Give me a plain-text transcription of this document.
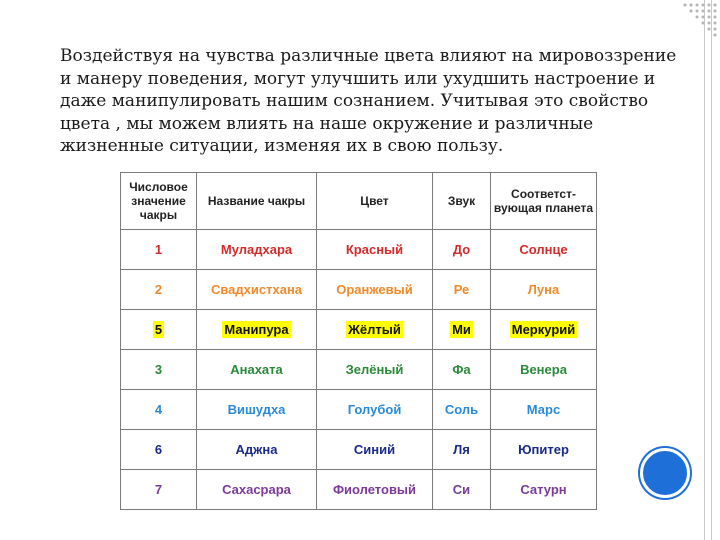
Воздействуя на чувства различные цвета влияют на мировоззрение и манеру поведения, могут улучшить или ухудшить настроение и даже манипулировать нашим сознанием. Учитывая это свойство цвета , мы можем влиять на наше окружение и различные жизненные ситуации, изменяя их в свою пользу.

Числовое значение чакры	Название чакры	Цвет	Звук	Соответст-вующая планета
1	Муладхара	Красный	До	Солнце
2	Свадхистхана	Оранжевый	Ре	Луна
5	Манипура	Жёлтый	Ми	Меркурий
3	Анахата	Зелёный	Фа	Венера
4	Вишудха	Голубой	Соль	Марс
6	Аджна	Синий	Ля	Юпитер
7	Сахасрара	Фиолетовый	Си	Сатурн
